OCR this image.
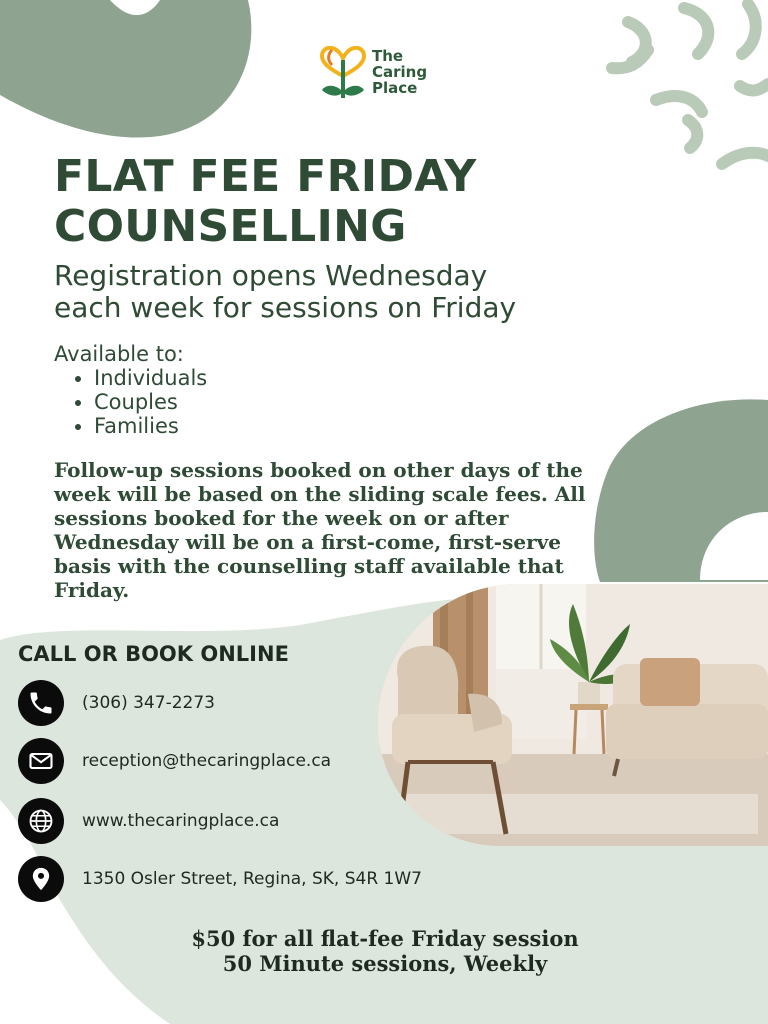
The
Caring
Place
FLAT FEE FRIDAY
COUNSELLING

Registration opens Wednesday
each week for sessions on Friday

Available to:
• Individuals
• Couples
• Families

Follow-up sessions booked on other days of the
week will be based on the sliding scale fees. All
sessions booked for the week on or after
Wednesday will be on a first-come, first-serve
basis with the counselling staff available that
Friday.

CALL OR BOOK ONLINE
(306) 347-2273
reception@thecaringplace.ca
www.thecaringplace.ca
1350 Osler Street, Regina, SK, S4R 1W7
$50 for all flat-fee Friday session
50 Minute sessions, Weekly
